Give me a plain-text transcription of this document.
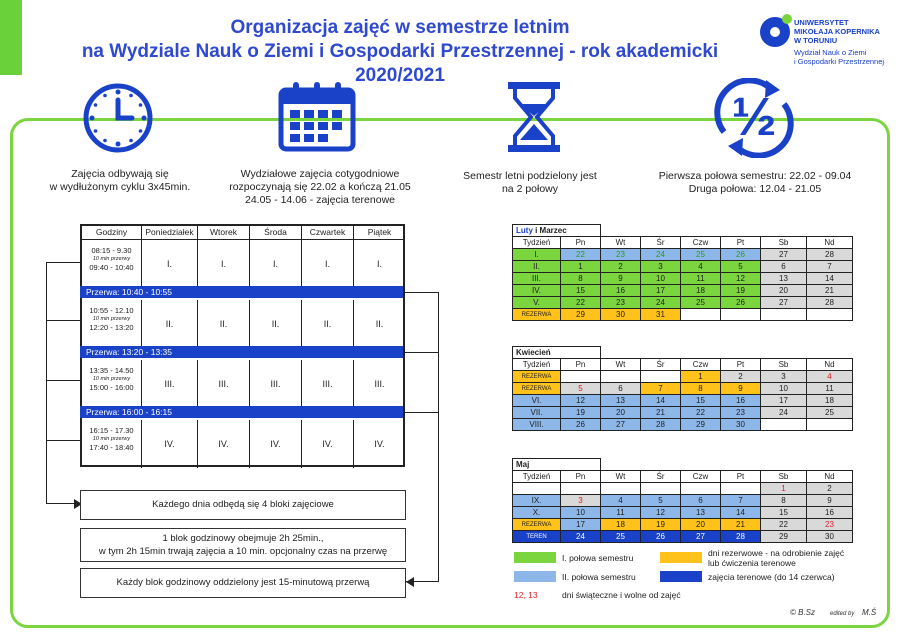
Organizacja zajęć w semestrze letnim
na Wydziale Nauk o Ziemi i Gospodarki Przestrzennej - rok akademicki 2020/2021
UNIWERSYTET
MIKOŁAJA KOPERNIKA
W TORUNIU
Wydział Nauk o Ziemi
i Gospodarki Przestrzennej
Zajęcia odbywają się
w wydłużonym cyklu 3x45min.
Wydziałowe zajęcia cotygodniowe
rozpoczynają się 22.02 a kończą 21.05
24.05 - 14.06 - zajęcia terenowe
Semestr letni podzielony jest
na 2 połowy
½
Pierwsza połowa semestru: 22.02 - 09.04
Druga połowa: 12.04 - 21.05
Godziny	Poniedziałek	Wtorek	Środa	Czwartek	Piątek
08:15 - 9.30
10 min przerwy
09:40 - 10:40	I.	I.	I.	I.	I.
10:55 - 12.10
10 min przerwy
12:20 - 13:20	II.	II.	II.	II.	II.
13:35 - 14.50
10 min przerwy
15:00 - 16:00	III.	III.	III.	III.	III.
16:15 - 17.30
10 min przerwy
17:40 - 18:40	IV.	IV.	IV.	IV.	IV.
Przerwa: 10:40 - 10:55
Przerwa: 13:20 - 13:35
Przerwa: 16:00 - 16:15
Każdego dnia odbędą się 4 bloki zajęciowe
1 blok godzinowy obejmuje 2h 25min.,
w tym 2h 15min trwają zajęcia a 10 min. opcjonalny czas na przerwę
Każdy blok godzinowy oddzielony jest 15-minutową przerwą
Luty i Marzec							
Tydzień	Pn	Wt	Śr	Czw	Pt	Sb	Nd
I.	22	23	24	25	26	27	28
II.	1	2	3	4	5	6	7
III.	8	9	10	11	12	13	14
IV.	15	16	17	18	19	20	21
V.	22	23	24	25	26	27	28
REZERWA	29	30	31				
Kwiecień							
Tydzień	Pn	Wt	Śr	Czw	Pt	Sb	Nd
REZERWA				1	2	3	4
REZERWA	5	6	7	8	9	10	11
VI.	12	13	14	15	16	17	18
VII.	19	20	21	22	23	24	25
VIII.	26	27	28	29	30		
Maj							
Tydzień	Pn	Wt	Śr	Czw	Pt	Sb	Nd
						1	2
IX.	3	4	5	6	7	8	9
X.	10	11	12	13	14	15	16
REZERWA	17	18	19	20	21	22	23
TEREN	24	25	26	27	28	29	30
I. połowa semestru
II. połowa semestru
dni rezerwowe - na odrobienie zajęć
lub ćwiczenia terenowe
zajęcia terenowe (do 14 czerwca)
12, 13	dni świąteczne i wolne od zajęć
© B.Sz edited by M.Ś
